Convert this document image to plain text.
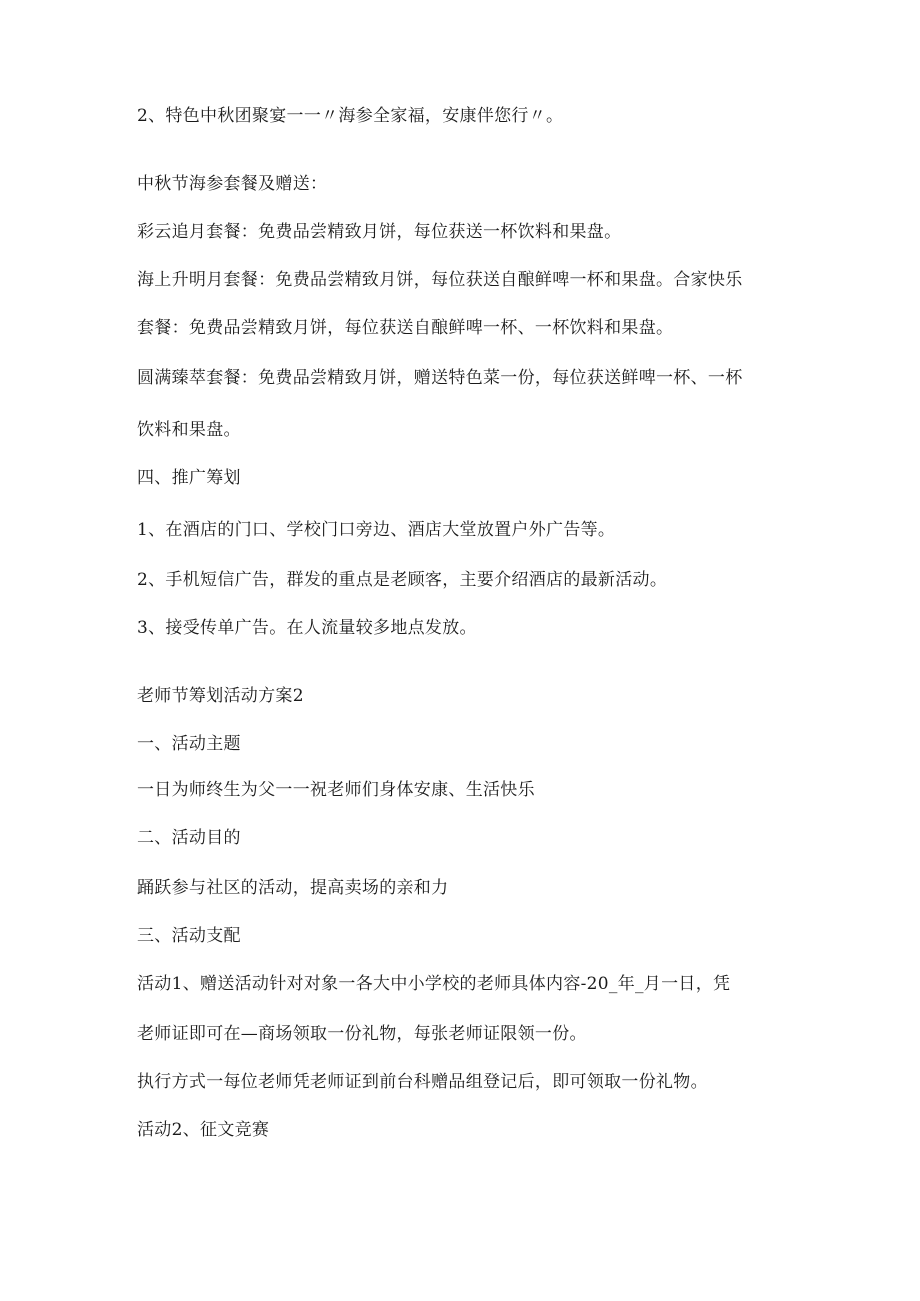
2、特色中秋团聚宴一一〃海参全家福，安康伴您行〃。

中秋节海参套餐及赠送：

彩云追月套餐：免费品尝精致月饼，每位获送一杯饮料和果盘。

海上升明月套餐：免费品尝精致月饼，每位获送自酿鲜啤一杯和果盘。合家快乐

套餐：免费品尝精致月饼，每位获送自酿鲜啤一杯、一杯饮料和果盘。

圆满臻萃套餐：免费品尝精致月饼，赠送特色菜一份，每位获送鲜啤一杯、一杯

饮料和果盘。

四、推广筹划

1、在酒店的门口、学校门口旁边、酒店大堂放置户外广告等。

2、手机短信广告，群发的重点是老顾客，主要介绍酒店的最新活动。

3、接受传单广告。在人流量较多地点发放。

老师节筹划活动方案2

一、活动主题

一日为师终生为父一一祝老师们身体安康、生活快乐

二、活动目的

踊跃参与社区的活动，提高卖场的亲和力

三、活动支配

活动1、赠送活动针对对象一各大中小学校的老师具体内容-20_年_月一日，凭

老师证即可在—商场领取一份礼物，每张老师证限领一份。

执行方式一每位老师凭老师证到前台科赠品组登记后，即可领取一份礼物。

活动2、征文竞赛
